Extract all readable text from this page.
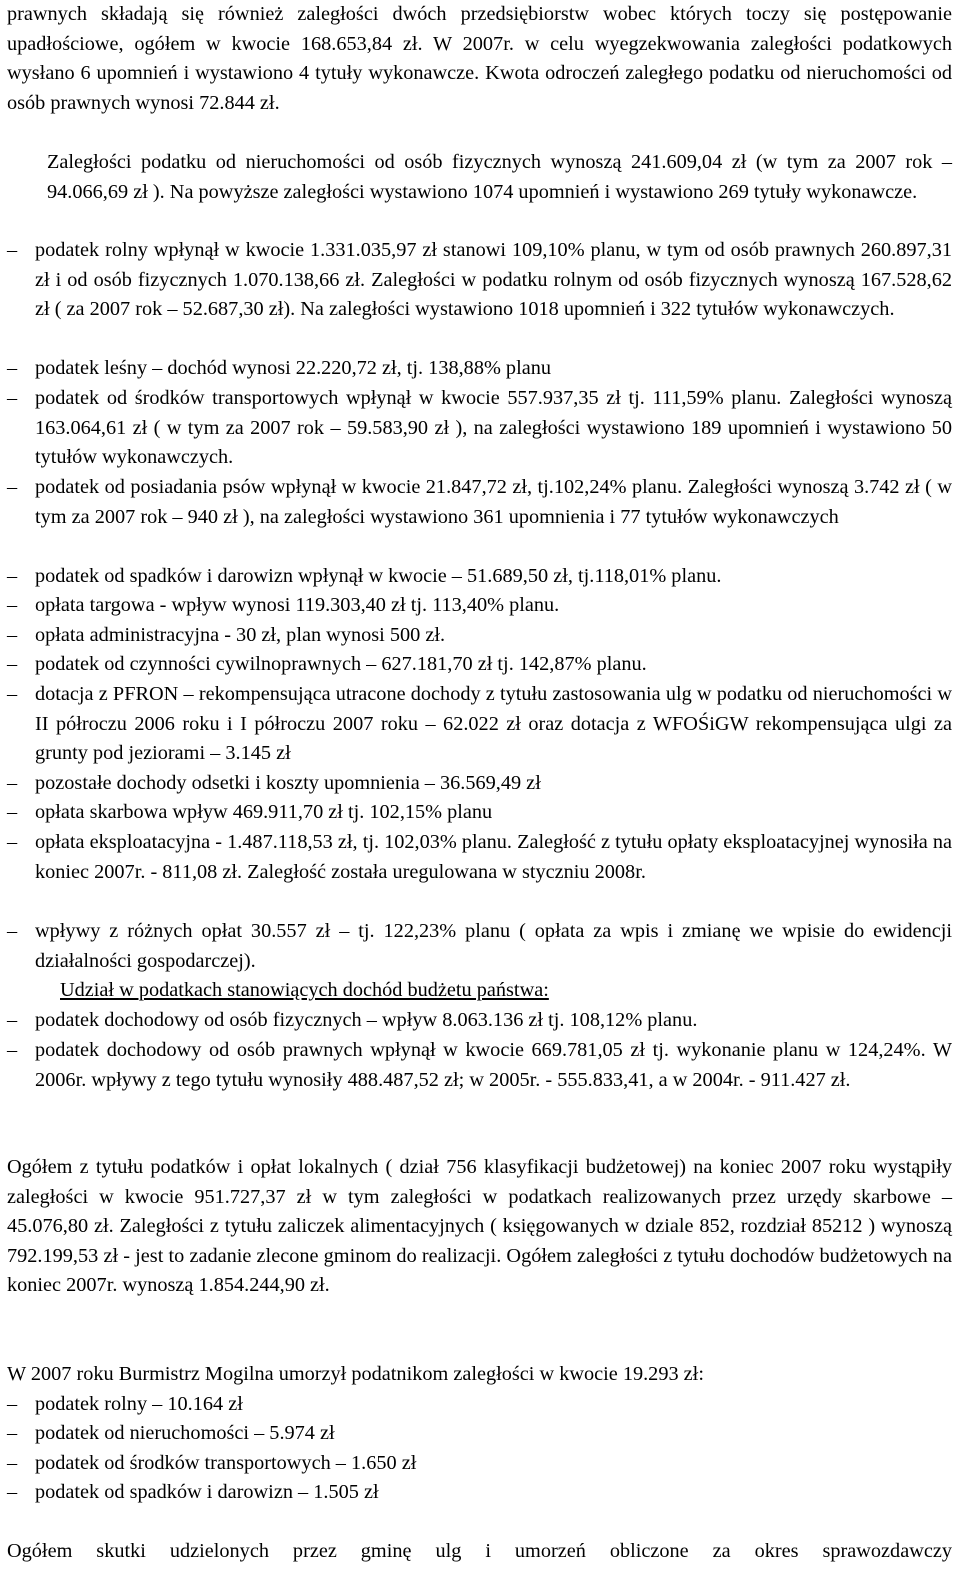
prawnych składają się również zaległości dwóch przedsiębiorstw wobec których toczy się postępowanie upadłościowe, ogółem w kwocie 168.653,84 zł. W 2007r. w celu wyegzekwowania zaległości podatkowych wysłano 6 upomnień i wystawiono 4 tytuły wykonawcze. Kwota odroczeń zaległego podatku od nieruchomości od osób prawnych wynosi 72.844 zł.
Zaległości podatku od nieruchomości od osób fizycznych wynoszą 241.609,04 zł (w tym za 2007 rok – 94.066,69 zł ). Na powyższe zaległości wystawiono 1074 upomnień i wystawiono 269 tytuły wykonawcze.
– podatek rolny wpłynął w kwocie 1.331.035,97 zł stanowi 109,10% planu, w tym od osób prawnych 260.897,31 zł i od osób fizycznych 1.070.138,66 zł. Zaległości w podatku rolnym od osób fizycznych wynoszą 167.528,62 zł ( za 2007 rok – 52.687,30 zł). Na zaległości wystawiono 1018 upomnień i 322 tytułów wykonawczych.
– podatek leśny – dochód wynosi 22.220,72 zł, tj. 138,88% planu
– podatek od środków transportowych wpłynął w kwocie 557.937,35 zł tj. 111,59% planu. Zaległości wynoszą 163.064,61 zł ( w tym za 2007 rok – 59.583,90 zł ), na zaległości wystawiono 189 upomnień i wystawiono 50 tytułów wykonawczych.
– podatek od posiadania psów wpłynął w kwocie 21.847,72 zł, tj.102,24% planu. Zaległości wynoszą 3.742 zł ( w tym za 2007 rok – 940 zł ), na zaległości wystawiono 361 upomnienia i 77 tytułów wykonawczych
– podatek od spadków i darowizn wpłynął w kwocie – 51.689,50 zł, tj.118,01% planu.
– opłata targowa - wpływ wynosi 119.303,40 zł tj. 113,40% planu.
– opłata administracyjna - 30 zł, plan wynosi 500 zł.
– podatek od czynności cywilnoprawnych – 627.181,70 zł tj. 142,87% planu.
– dotacja z PFRON – rekompensująca utracone dochody z tytułu zastosowania ulg w podatku od nieruchomości w II półroczu 2006 roku i I półroczu 2007 roku – 62.022 zł oraz dotacja z WFOŚiGW rekompensująca ulgi za grunty pod jeziorami – 3.145 zł
– pozostałe dochody odsetki i koszty upomnienia – 36.569,49 zł
– opłata skarbowa wpływ 469.911,70 zł tj. 102,15% planu
– opłata eksploatacyjna - 1.487.118,53 zł, tj. 102,03% planu. Zaległość z tytułu opłaty eksploatacyjnej wynosiła na koniec 2007r. - 811,08 zł. Zaległość została uregulowana w styczniu 2008r.
– wpływy z różnych opłat 30.557 zł – tj. 122,23% planu ( opłata za wpis i zmianę we wpisie do ewidencji działalności gospodarczej).
Udział w podatkach stanowiących dochód budżetu państwa:
– podatek dochodowy od osób fizycznych – wpływ 8.063.136 zł tj. 108,12% planu.
– podatek dochodowy od osób prawnych wpłynął w kwocie 669.781,05 zł tj. wykonanie planu w 124,24%. W 2006r. wpływy z tego tytułu wynosiły 488.487,52 zł; w 2005r. - 555.833,41, a w 2004r. - 911.427 zł.
Ogółem z tytułu podatków i opłat lokalnych ( dział 756 klasyfikacji budżetowej) na koniec 2007 roku wystąpiły zaległości w kwocie 951.727,37 zł w tym zaległości w podatkach realizowanych przez urzędy skarbowe – 45.076,80 zł. Zaległości z tytułu zaliczek alimentacyjnych ( księgowanych w dziale 852, rozdział 85212 ) wynoszą 792.199,53 zł - jest to zadanie zlecone gminom do realizacji. Ogółem zaległości z tytułu dochodów budżetowych na koniec 2007r. wynoszą 1.854.244,90 zł.
W 2007 roku Burmistrz Mogilna umorzył podatnikom zaległości w kwocie 19.293 zł:
– podatek rolny – 10.164 zł
– podatek od nieruchomości – 5.974 zł
– podatek od środków transportowych – 1.650 zł
– podatek od spadków i darowizn – 1.505 zł
Ogółem skutki udzielonych przez gminę ulg i umorzeń obliczone za okres sprawozdawczy
